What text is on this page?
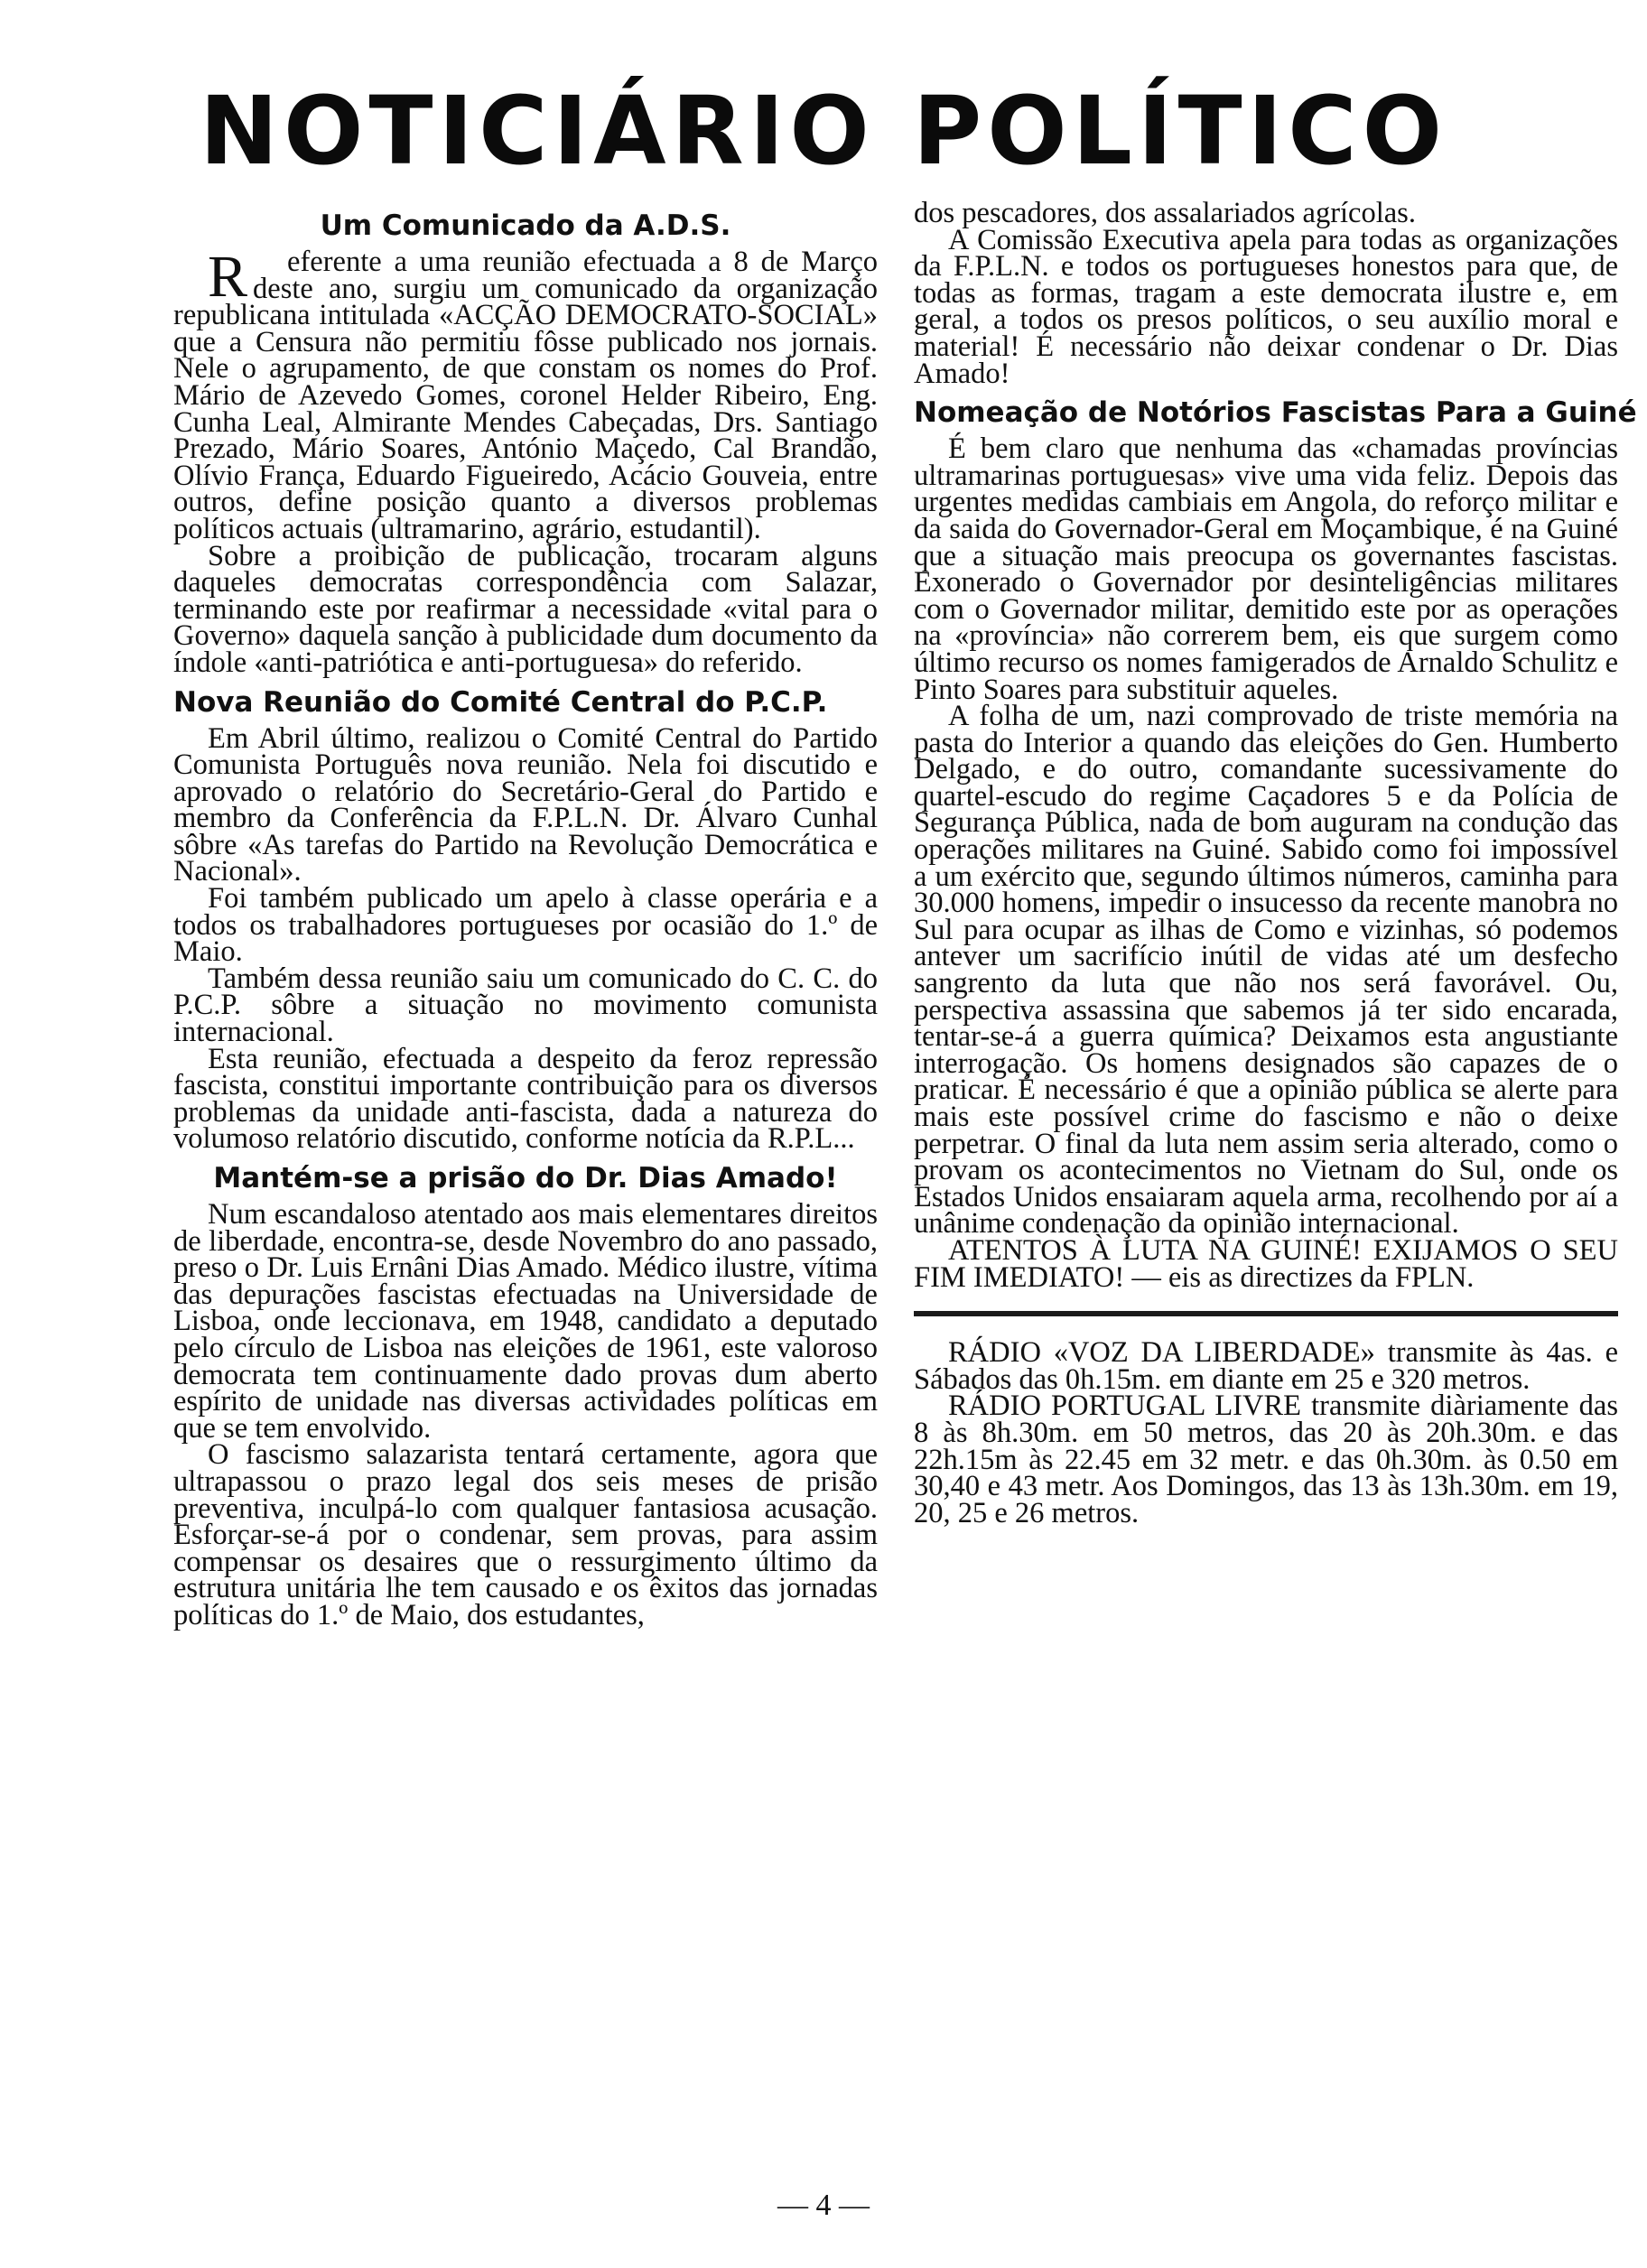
NOTICIÁRIO POLÍTICO
Um Comunicado da A.D.S.

Referente a uma reunião efectuada a 8 de Março deste ano, surgiu um comunicado da organização republicana intitulada «ACÇÃO DEMOCRATO-SOCIAL» que a Censura não permitiu fôsse publicado nos jornais. Nele o agrupamento, de que constam os nomes do Prof. Mário de Azevedo Gomes, coronel Helder Ribeiro, Eng. Cunha Leal, Almirante Mendes Cabeçadas, Drs. Santiago Prezado, Mário Soares, António Maçedo, Cal Brandão, Olívio França, Eduardo Figueiredo, Acácio Gouveia, entre outros, define posição quanto a diversos problemas políticos actuais (ultramarino, agrário, estudantil).

Sobre a proibição de publicação, trocaram alguns daqueles democratas correspondência com Salazar, terminando este por reafirmar a necessidade «vital para o Governo» daquela sanção à publicidade dum documento da índole «anti-patriótica e anti-portuguesa» do referido.

Nova Reunião do Comité Central do P.C.P.

Em Abril último, realizou o Comité Central do Partido Comunista Português nova reunião. Nela foi discutido e aprovado o relatório do Secretário-Geral do Partido e membro da Conferência da F.P.L.N. Dr. Álvaro Cunhal sôbre «As tarefas do Partido na Revolução Democrática e Nacional».

Foi também publicado um apelo à classe operária e a todos os trabalhadores portugueses por ocasião do 1.º de Maio.

Também dessa reunião saiu um comunicado do C. C. do P.C.P. sôbre a situação no movimento comunista internacional.

Esta reunião, efectuada a despeito da feroz repressão fascista, constitui importante contribuição para os diversos problemas da unidade anti-fascista, dada a natureza do volumoso relatório discutido, conforme notícia da R.P.L...

Mantém-se a prisão do Dr. Dias Amado!

Num escandaloso atentado aos mais elementares direitos de liberdade, encontra-se, desde Novembro do ano passado, preso o Dr. Luis Ernâni Dias Amado. Médico ilustre, vítima das depurações fascistas efectuadas na Universidade de Lisboa, onde leccionava, em 1948, candidato a deputado pelo círculo de Lisboa nas eleições de 1961, este valoroso democrata tem continuamente dado provas dum aberto espírito de unidade nas diversas actividades políticas em que se tem envolvido.

O fascismo salazarista tentará certamente, agora que ultrapassou o prazo legal dos seis meses de prisão preventiva, inculpá-lo com qualquer fantasiosa acusação. Esforçar-se-á por o condenar, sem provas, para assim compensar os desaires que o ressurgimento último da estrutura unitária lhe tem causado e os êxitos das jornadas políticas do 1.º de Maio, dos estudantes,

dos pescadores, dos assalariados agrícolas.

A Comissão Executiva apela para todas as organizações da F.P.L.N. e todos os portugueses honestos para que, de todas as formas, tragam a este democrata ilustre e, em geral, a todos os presos políticos, o seu auxílio moral e material! É necessário não deixar condenar o Dr. Dias Amado!

Nomeação de Notórios Fascistas Para a Guiné

É bem claro que nenhuma das «chamadas províncias ultramarinas portuguesas» vive uma vida feliz. Depois das urgentes medidas cambiais em Angola, do reforço militar e da saida do Governador-Geral em Moçambique, é na Guiné que a situação mais preocupa os governantes fascistas. Exonerado o Governador por desinteligências militares com o Governador militar, demitido este por as operações na «província» não correrem bem, eis que surgem como último recurso os nomes famigerados de Arnaldo Schulitz e Pinto Soares para substituir aqueles.

A folha de um, nazi comprovado de triste memória na pasta do Interior a quando das eleições do Gen. Humberto Delgado, e do outro, comandante sucessivamente do quartel-escudo do regime Caçadores 5 e da Polícia de Segurança Pública, nada de bom auguram na condução das operações militares na Guiné. Sabido como foi impossível a um exército que, segundo últimos números, caminha para 30.000 homens, impedir o insucesso da recente manobra no Sul para ocupar as ilhas de Como e vizinhas, só podemos antever um sacrifício inútil de vidas até um desfecho sangrento da luta que não nos será favorável. Ou, perspectiva assassina que sabemos já ter sido encarada, tentar-se-á a guerra química? Deixamos esta angustiante interrogação. Os homens designados são capazes de o praticar. É necessário é que a opinião pública se alerte para mais este possível crime do fascismo e não o deixe perpetrar. O final da luta nem assim seria alterado, como o provam os acontecimentos no Vietnam do Sul, onde os Estados Unidos ensaiaram aquela arma, recolhendo por aí a unânime condenação da opinião internacional.

ATENTOS À LUTA NA GUINÉ! EXIJAMOS O SEU FIM IMEDIATO! — eis as directizes da FPLN.

RÁDIO «VOZ DA LIBERDADE» transmite às 4as. e Sábados das 0h.15m. em diante em 25 e 320 metros.

RÁDIO PORTUGAL LIVRE transmite diàriamente das 8 às 8h.30m. em 50 metros, das 20 às 20h.30m. e das 22h.15m às 22.45 em 32 metr. e das 0h.30m. às 0.50 em 30,40 e 43 metr. Aos Domingos, das 13 às 13h.30m. em 19, 20, 25 e 26 metros.

— 4 —
